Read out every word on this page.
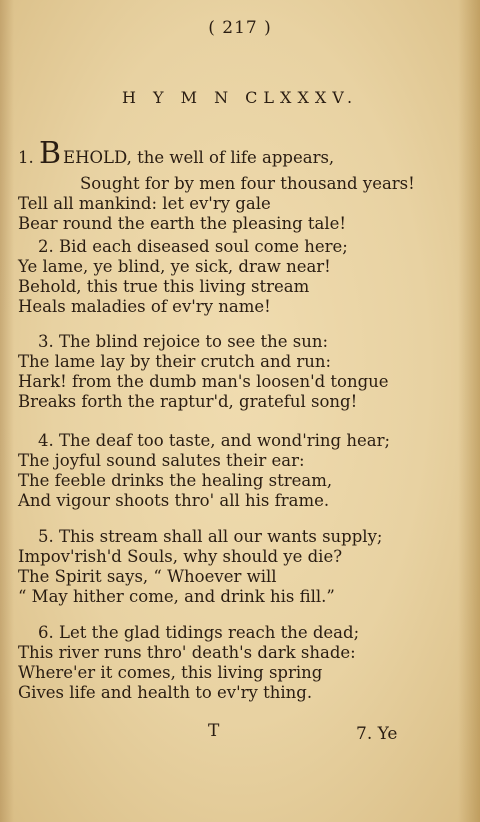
( 217 )
H Y M N CLXXXV.
1. B EHOLD, the well of life appears,
Sought for by men four thousand years!
Tell all mankind: let ev'ry gale
Bear round the earth the pleasing tale!
2. Bid each diseased soul come here;
Ye lame, ye blind, ye sick, draw near!
Behold, this true this living stream
Heals maladies of ev'ry name!
3. The blind rejoice to see the sun:
The lame lay by their crutch and run:
Hark! from the dumb man's loosen'd tongue
Breaks forth the raptur'd, grateful song!
4. The deaf too taste, and wond'ring hear;
The joyful sound salutes their ear:
The feeble drinks the healing stream,
And vigour shoots thro' all his frame.
5. This stream shall all our wants supply;
Impov'rish'd Souls, why should ye die?
The Spirit says, “ Whoever will
“ May hither come, and drink his fill.”
6. Let the glad tidings reach the dead;
This river runs thro' death's dark shade:
Where'er it comes, this living spring
Gives life and health to ev'ry thing.
T	7. Ye
